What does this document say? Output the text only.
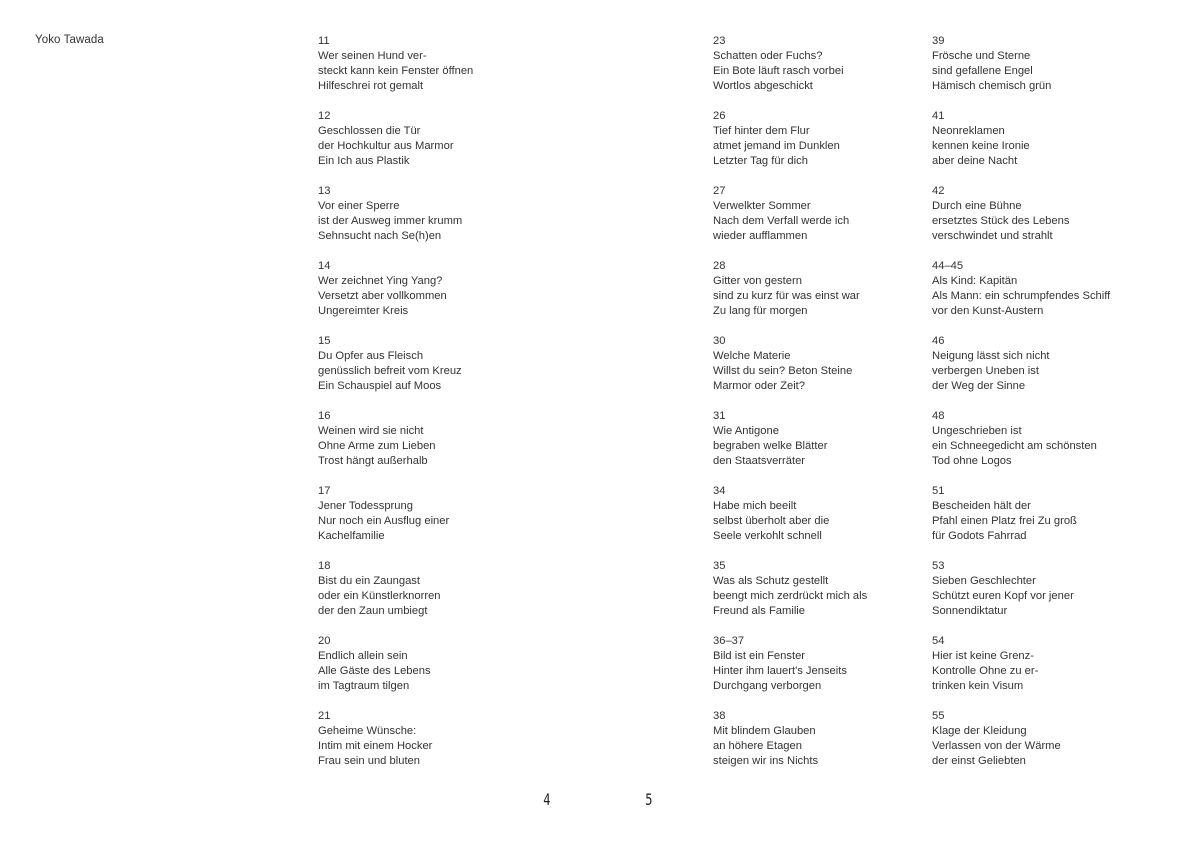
Yoko Tawada	11
Wer seinen Hund ver-
steckt kann kein Fenster öffnen
Hilfeschrei rot gemalt
12
Geschlossen die Tür
der Hochkultur aus Marmor
Ein Ich aus Plastik
13
Vor einer Sperre
ist der Ausweg immer krumm
Sehnsucht nach Se(h)en
14
Wer zeichnet Ying Yang?
Versetzt aber vollkommen
Ungereimter Kreis
15
Du Opfer aus Fleisch
genüsslich befreit vom Kreuz
Ein Schauspiel auf Moos
16
Weinen wird sie nicht
Ohne Arme zum Lieben
Trost hängt außerhalb
17
Jener Todessprung
Nur noch ein Ausflug einer
Kachelfamilie
18
Bist du ein Zaungast
oder ein Künstlerknorren
der den Zaun umbiegt
20
Endlich allein sein
Alle Gäste des Lebens
im Tagtraum tilgen
21
Geheime Wünsche:
Intim mit einem Hocker
Frau sein und bluten
23
Schatten oder Fuchs?
Ein Bote läuft rasch vorbei
Wortlos abgeschickt
26
Tief hinter dem Flur
atmet jemand im Dunklen
Letzter Tag für dich
27
Verwelkter Sommer
Nach dem Verfall werde ich
wieder aufflammen
28
Gitter von gestern
sind zu kurz für was einst war
Zu lang für morgen
30
Welche Materie
Willst du sein? Beton Steine
Marmor oder Zeit?
31
Wie Antigone
begraben welke Blätter
den Staatsverräter
34
Habe mich beeilt
selbst überholt aber die
Seele verkohlt schnell
35
Was als Schutz gestellt
beengt mich zerdrückt mich als
Freund als Familie
36–37
Bild ist ein Fenster
Hinter ihm lauert's Jenseits
Durchgang verborgen
38
Mit blindem Glauben
an höhere Etagen
steigen wir ins Nichts
39
Frösche und Sterne
sind gefallene Engel
Hämisch chemisch grün
41
Neonreklamen
kennen keine Ironie
aber deine Nacht
42
Durch eine Bühne
ersetztes Stück des Lebens
verschwindet und strahlt
44–45
Als Kind: Kapitän
Als Mann: ein schrumpfendes Schiff
vor den Kunst-Austern
46
Neigung lässt sich nicht
verbergen Uneben ist
der Weg der Sinne
48
Ungeschrieben ist
ein Schneegedicht am schönsten
Tod ohne Logos
51
Bescheiden hält der
Pfahl einen Platz frei Zu groß
für Godots Fahrrad
53
Sieben Geschlechter
Schützt euren Kopf vor jener
Sonnendiktatur
54
Hier ist keine Grenz-
Kontrolle Ohne zu er-
trinken kein Visum
55
Klage der Kleidung
Verlassen von der Wärme
der einst Geliebten
4	5
